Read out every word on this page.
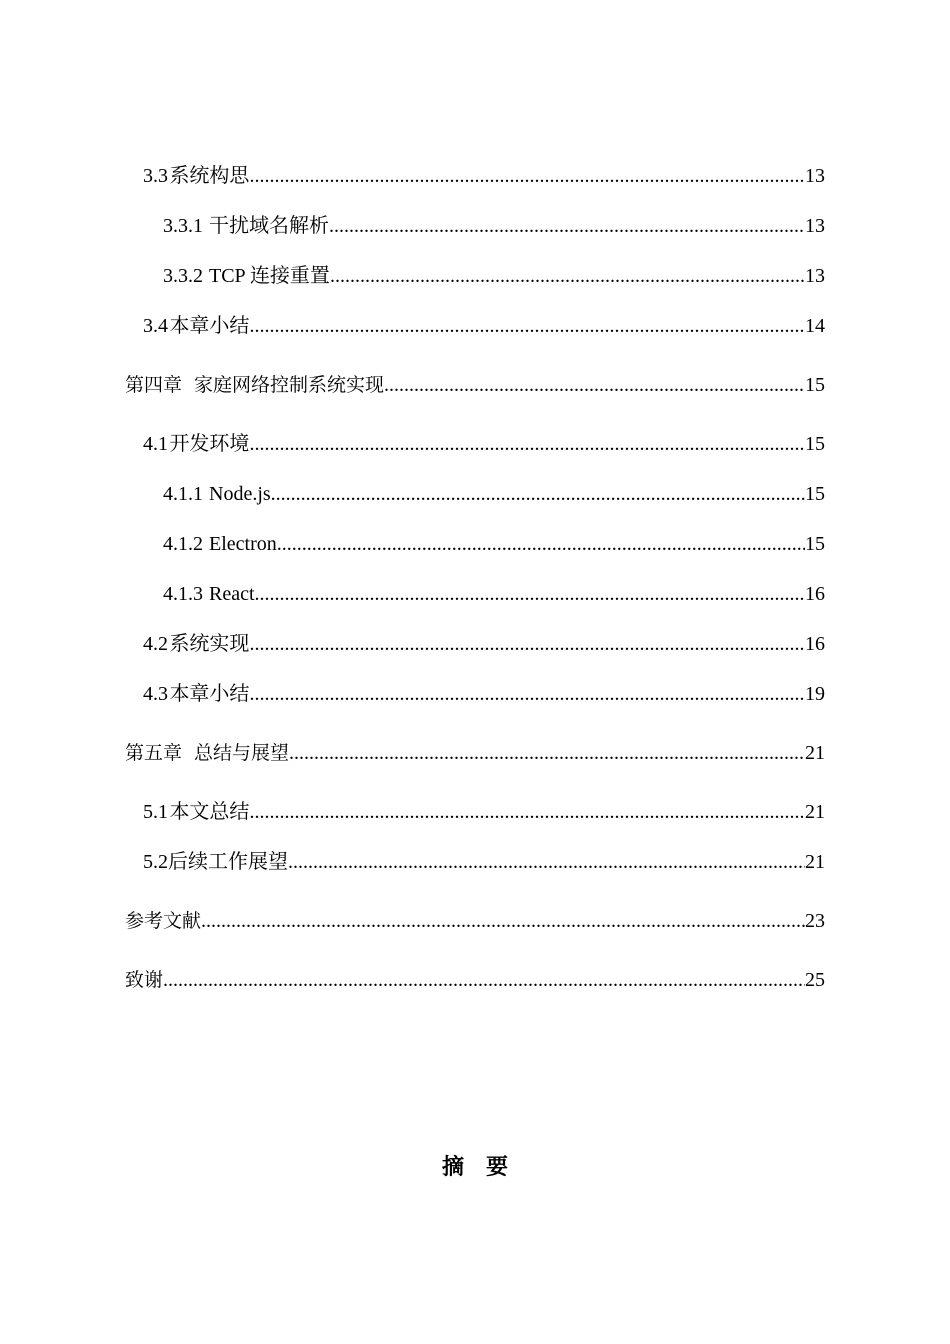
3.3 系统构思 .....	13
3.3.1 干扰域名解析 .....	13
3.3.2 TCP 连接重置 .....	13
3.4 本章小结 .....	14
第四章 家庭网络控制系统实现 .....	15
4.1 开发环境 .....	15
4.1.1 Node.js .....	15
4.1.2 Electron .....	15
4.1.3 React .....	16
4.2 系统实现 .....	16
4.3 本章小结 .....	19
第五章 总结与展望 .....	21
5.1 本文总结 .....	21
5.2 后续工作展望 .....	21
参考文献 .....	23
致谢 .....	25
摘要
